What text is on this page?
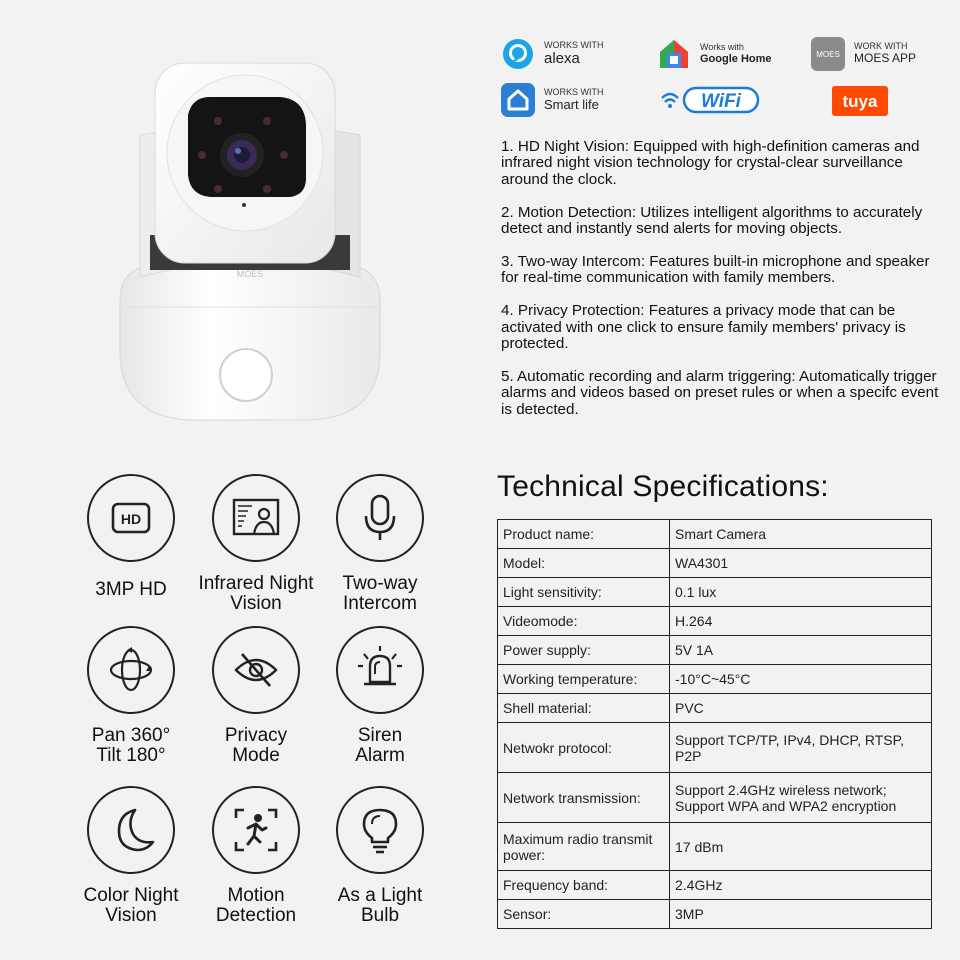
MOES
WORKS WITH
alexa
Works with
Google Home	MOES
WORK WITH
MOES APP
WORKS WITH
Smart life	WiFi	tuya

1. HD Night Vision: Equipped with high-definition cameras and infrared night vision technology for crystal-clear surveillance around the clock.

2. Motion Detection: Utilizes intelligent algorithms to accurately detect and instantly send alerts for moving objects.

3. Two-way Intercom: Features built-in microphone and speaker for real-time communication with family members.

4. Privacy Protection: Features a privacy mode that can be activated with one click to ensure family members' privacy is protected.

5. Automatic recording and alarm triggering: Automatically trigger alarms and videos based on preset rules or when a specifc event is detected.

Technical Specifications:
Product name:	Smart Camera
Model:	WA4301
Light sensitivity:	0.1 lux
Videomode:	H.264
Power supply:	5V 1A
Working temperature:	-10°C~45°C
Shell material:	PVC
Netwokr protocol:	Support TCP/TP, IPv4, DHCP, RTSP, P2P
Network transmission:	Support 2.4GHz wireless network; Support WPA and WPA2 encryption
Maximum radio transmit power:	17 dBm
Frequency band:	2.4GHz
Sensor:	3MP
HD
3MP HD	Infrared Night Vision
Two-way Intercom
Pan 360° Tilt 180°
Privacy Mode
Siren Alarm
Color Night Vision
Motion Detection
As a Light Bulb
